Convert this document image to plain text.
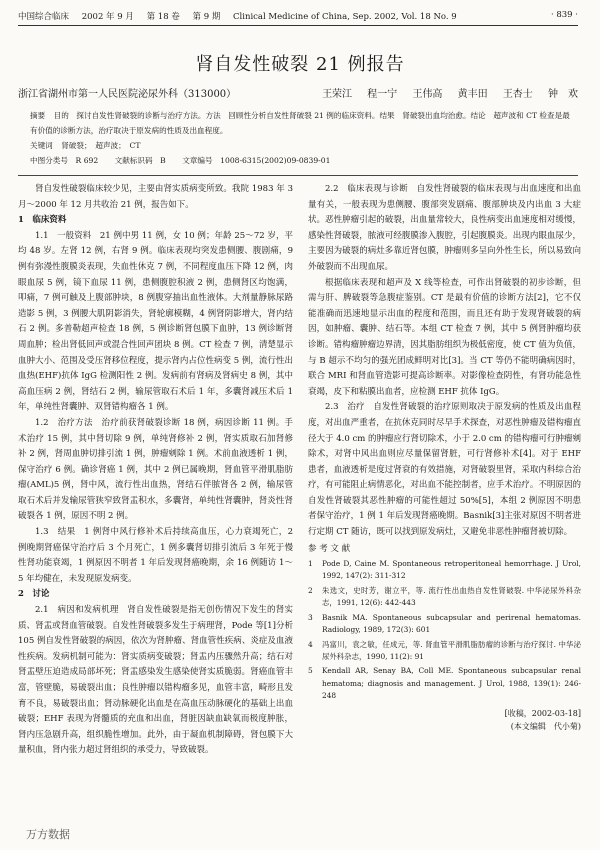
中国综合临床 2002 年 9 月 第 18 卷 第 9 期 Clinical Medicine of China, Sep. 2002, Vol. 18 No. 9	· 839 ·
肾自发性破裂 21 例报告
浙江省湖州市第一人民医院泌尿外科（313000）	王荣江 程一宁 王伟高 黄丰田 王杏士 钟　欢
摘要 目的　探讨自发性肾破裂的诊断与治疗方法。方法　回顾性分析自发性肾破裂 21 例的临床资料。结果　肾破裂出血均治愈。结论　超声波和 CT 检查是最有价值的诊断方法，治疗取决于原发病的性质及出血程度。
关键词 肾破裂；　超声波；　CT
中图分类号　R 692 文献标识码　B 文章编号　1008-6315(2002)09-0839-01

肾自发性破裂临床较少见，主要由肾实质病变所致。我院 1983 年 3 月～2000 年 12 月共收治 21 例，报告如下。

1　临床资料

1.1　一般资料　21 例中男 11 例，女 10 例；年龄 25～72 岁，平均 48 岁。左肾 12 例，右肾 9 例。临床表现均突发患侧腰、腹剧痛，9 例有弥漫性腹膜炎表现，失血性休克 7 例，不同程度血压下降 12 例，肉眼血尿 5 例，镜下血尿 11 例，患侧腹腔积液 2 例，患侧肾区均饱满，叩痛，7 例可触及上腹部肿块，8 例腹穿抽出血性液体。大剂量静脉尿路造影 5 例，3 例腰大肌阴影消失，肾轮廓模糊，4 例肾阴影增大，肾内结石 2 例。多普勒超声检查 18 例，5 例诊断肾包膜下血肿，13 例诊断肾周血肿；检出肾低回声或混合性回声团块 8 例。CT 检查 7 例，清楚显示血肿大小、范围及受压肾移位程度，提示肾内占位性病变 5 例，流行性出血热(EHF)抗体 IgG 检测阳性 2 例。发病前有肾病及肾病史 8 例，其中高血压病 2 例，肾结石 2 例，输尿管取石术后 1 年，多囊肾减压术后 1 年，单纯性肾囊肿、双肾错构瘤各 1 例。

1.2　治疗方法　治疗前获肾破裂诊断 18 例，病因诊断 11 例。手术治疗 15 例，其中肾切除 9 例，单纯肾修补 2 例，肾实质取石加肾修补 2 例，肾周血肿切排引流 1 例，肿瘤剜除 1 例。术前血液透析 1 例，保守治疗 6 例。确诊肾癌 1 例，其中 2 例已属晚期，肾血管平滑肌脂肪瘤(AML)5 例，肾中风，流行性出血热，肾结石伴脓肾各 2 例，输尿管取石术后并发输尿管狭窄致肾盂积水，多囊肾，单纯性肾囊肿，肾炎性肾破裂各 1 例，原因不明 2 例。

1.3　结果　1 例肾中风行修补术后持续高血压，心力衰竭死亡，2 例晚期肾癌保守治疗后 3 个月死亡，1 例多囊肾切排引流后 3 年死于慢性肾功能衰竭，1 例原因不明者 1 年后发现肾癌晚期，余 16 例随访 1～5 年均健在，未发现原发病变。

2　讨论

2.1　病因和发病机理　肾自发性破裂是指无创伤情况下发生的肾实质、肾盂或肾血管破裂。自发性肾破裂多发生于病理肾，Pode 等[1]分析 105 例自发性肾破裂的病因，依次为肾肿瘤、肾血管性疾病、炎症及血液性疾病。发病机制可能为：肾实质病变破裂；肾盂内压骤然升高；结石对肾盂壁压迫造成局部坏死；肾盂感染发生感染使肾实质脆弱。肾癌血管丰富，管壁脆，易破裂出血；良性肿瘤以错构瘤多见，血管丰富，畸形且发育不良，易破裂出血；肾动脉硬化出血是在高血压动脉硬化的基础上出血破裂；EHF 表现为肾髓质的充血和出血，肾脏因缺血缺氧而极度肿胀，肾内压急剧升高，组织脆性增加。此外，由于凝血机制障碍，肾包膜下大量积血，肾内张力超过肾组织的承受力，导致破裂。

2.2　临床表现与诊断　自发性肾破裂的临床表现与出血速度和出血量有关，一般表现为患侧腰、腹部突发剧痛、腹部肿块及内出血 3 大症状。恶性肿瘤引起的破裂，出血量常较大，良性病变出血速度相对缓慢，感染性肾破裂，脓液可经腹膜渗入腹腔，引起腹膜炎。出现内眼血尿少，主要因为破裂的病灶多靠近肾包膜，肿瘤则多呈向外性生长，所以易致向外破裂而不出现血尿。

根据临床表现和超声及 X 线等检查，可作出肾破裂的初步诊断，但需与肝、脾破裂等急腹症鉴别。CT 是最有价值的诊断方法[2]，它不仅能准确而迅速地显示出血的程度和范围，而且还有助于发现肾破裂的病因，如肿瘤、囊肿、结石等。本组 CT 检查 7 例，其中 5 例肾肿瘤均获诊断。错构瘤肿瘤边界清，因其脂肪组织为极低密度，使 CT 值为负值，与 B 超示不均匀的强光团成鲜明对比[3]。当 CT 等仍不能明确病因时，联合 MRI 和肾血管造影可提高诊断率。对影像检查阴性，有肾功能急性衰竭，皮下和粘膜出血者，应检测 EHF 抗体 IgG。

2.3　治疗　自发性肾破裂的治疗原则取决于原发病的性质及出血程度，对出血严重者，在抗休克同时尽早手术探查，对恶性肿瘤及错构瘤直径大于 4.0 cm 的肿瘤应行肾切除术，小于 2.0 cm 的错构瘤可行肿瘤剜除术，对肾中风出血则应尽量保留肾脏，可行肾修补术[4]。对于 EHF 患者，血液透析是度过肾衰的有效措施，对肾破裂里肾，采取内科综合治疗，有可能阻止病情恶化，对出血不能控制者，应手术治疗。不明原因的自发性肾破裂其恶性肿瘤的可能性超过 50%[5]，本组 2 例原因不明患者保守治疗，1 例 1 年后发现肾癌晚期。Basnik[3]主张对原因不明者进行定期 CT 随访，既可以找到原发病灶，又避免非恶性肿瘤肾被切除。

参 考 文 献
1	Pode D, Caine M. Spontaneous retroperitoneal hemorrhage. J Urol, 1992, 147(2): 311-312
2	朱选文，史时芳，谢立平，等. 流行性出血热自发性肾破裂. 中华泌尿外科杂志，1991, 12(6): 442-443
3	Basnik MA. Spontaneous subcapsular and perirenal hematomas. Radiology, 1989, 172(3): 601
4	冯富川，袁之敏，任成元，等. 肾血管平滑肌脂肪瘤的诊断与治疗探讨. 中华泌尿外科杂志，1990, 11(2): 91
5	Kendall AR, Senay BA, Coll ME. Spontaneous subcapsular renal hematoma; diagnosis and management. J Urol, 1988, 139(1): 246-248
[收稿，2002-03-18]
(本文编辑　代小菊)
万方数据
